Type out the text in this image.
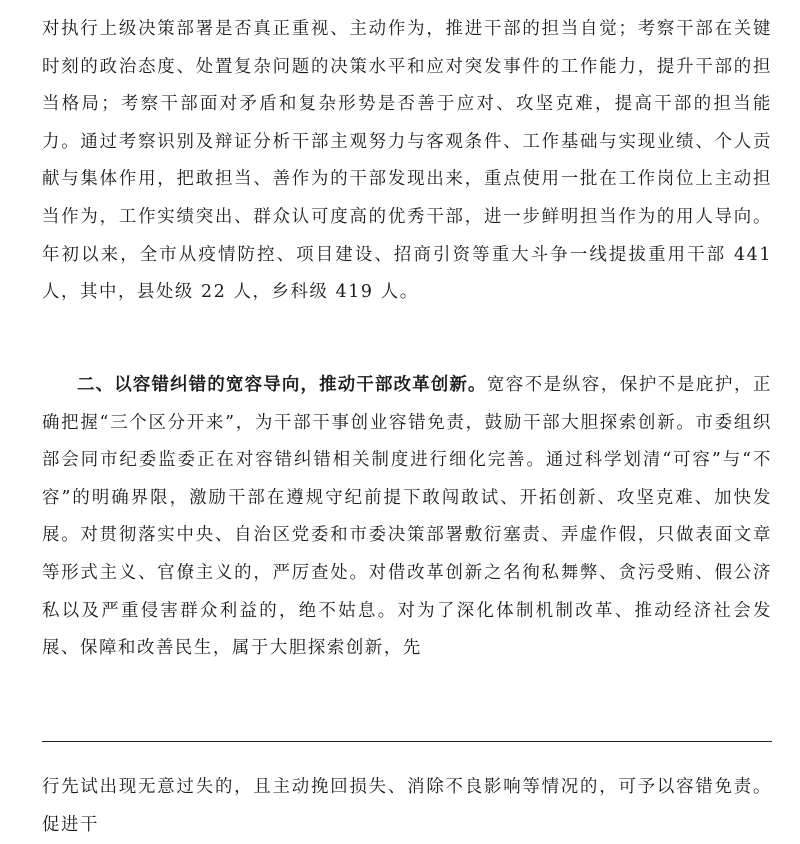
对执行上级决策部署是否真正重视、主动作为，推进干部的担当自觉；考察干部在关键时刻的政治态度、处置复杂问题的决策水平和应对突发事件的工作能力，提升干部的担当格局；考察干部面对矛盾和复杂形势是否善于应对、攻坚克难，提高干部的担当能力。通过考察识别及辩证分析干部主观努力与客观条件、工作基础与实现业绩、个人贡献与集体作用，把敢担当、善作为的干部发现出来，重点使用一批在工作岗位上主动担当作为，工作实绩突出、群众认可度高的优秀干部，进一步鲜明担当作为的用人导向。年初以来，全市从疫情防控、项目建设、招商引资等重大斗争一线提拔重用干部 441 人，其中，县处级 22 人，乡科级 419 人。

二、以容错纠错的宽容导向，推动干部改革创新。宽容不是纵容，保护不是庇护，正确把握“三个区分开来”，为干部干事创业容错免责，鼓励干部大胆探索创新。市委组织部会同市纪委监委正在对容错纠错相关制度进行细化完善。通过科学划清“可容”与“不容”的明确界限，激励干部在遵规守纪前提下敢闯敢试、开拓创新、攻坚克难、加快发展。对贯彻落实中央、自治区党委和市委决策部署敷衍塞责、弄虚作假，只做表面文章等形式主义、官僚主义的，严厉查处。对借改革创新之名徇私舞弊、贪污受贿、假公济私以及严重侵害群众利益的，绝不姑息。对为了深化体制机制改革、推动经济社会发展、保障和改善民生，属于大胆探索创新，先

行先试出现无意过失的，且主动挽回损失、消除不良影响等情况的，可予以容错免责。促进干
